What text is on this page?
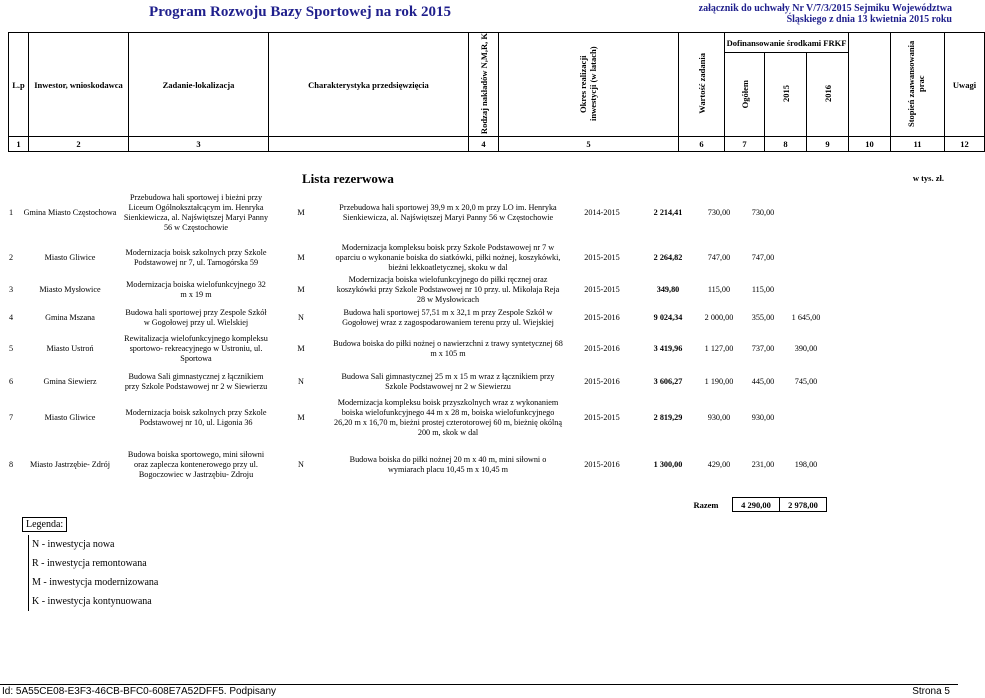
Program Rozwoju Bazy Sportowej na rok 2015	załącznik do uchwały Nr V/7/3/2015 Sejmiku Województwa
Śląskiego z dnia 13 kwietnia 2015 roku
L.p	Inwestor, wnioskodawca	Zadanie-lokalizacja	Charakterystyka przedsięwzięcia	Rodzaj nakładów N,M,R, K	Okres realizacji inwestycji (w latach)	Wartość zadania	Dofinansowanie środkami FRKF				Stopień zaawansowania prac	Uwagi
							Ogółem	2015	2016			
1	2	3		4	5	6	7	8	9	10	11	12
Lista rezerwowa	w tys. zł.
1	Gmina Miasto Częstochowa	Przebudowa hali sportowej i bieżni przy Liceum Ogólnokształcącym im. Henryka Sienkiewicza, al. Najświętszej Maryi Panny 56 w Częstochowie	M	Przebudowa hali sportowej 39,9 m x 20,0 m przy LO im. Henryka Sienkiewicza, al. Najświętszej Maryi Panny 56 w Częstochowie	2014-2015	2 214,41	730,00	730,00		
2	Miasto Gliwice	Modernizacja boisk szkolnych przy Szkole Podstawowej nr 7, ul. Tarnogórska 59	M	Modernizacja kompleksu boisk przy Szkole Podstawowej nr 7 w oparciu o wykonanie boiska do siatkówki, piłki nożnej, koszykówki, bieżni lekkoatletycznej, skoku w dal	2015-2015	2 264,82	747,00	747,00		
3	Miasto Mysłowice	Modernizacja boiska wielofunkcyjnego 32 m x 19 m	M	Modernizacja boiska wielofunkcyjnego do piłki ręcznej oraz koszykówki przy Szkole Podstawowej nr 10 przy. ul. Mikołaja Reja 28 w Mysłowicach	2015-2015	349,80	115,00	115,00		
4	Gmina Mszana	Budowa hali sportowej przy Zespole Szkół w Gogołowej przy ul. Wielskiej	N	Budowa hali sportowej 57,51 m x 32,1 m przy Zespole Szkół w Gogołowej wraz z zagospodarowaniem terenu przy ul. Wiejskiej	2015-2016	9 024,34	2 000,00	355,00	1 645,00	
5	Miasto Ustroń	Rewitalizacja wielofunkcyjnego kompleksu sportowo- rekreacyjnego w Ustroniu, ul. Sportowa	M	Budowa boiska do piłki nożnej o nawierzchni z trawy syntetycznej 68 m x 105 m	2015-2016	3 419,96	1 127,00	737,00	390,00	
6	Gmina Siewierz	Budowa Sali gimnastycznej z łącznikiem przy Szkole Podstawowej nr 2 w Siewierzu	N	Budowa Sali gimnastycznej 25 m x 15 m wraz z łącznikiem przy Szkole Podstawowej nr 2 w Siewierzu	2015-2016	3 606,27	1 190,00	445,00	745,00	
7	Miasto Gliwice	Modernizacja boisk szkolnych przy Szkole Podstawowej nr 10, ul. Ligonia 36	M	Modernizacja kompleksu boisk przyszkolnych wraz z wykonaniem boiska wielofunkcyjnego 44 m x 28 m, boiska wielofunkcyjnego 26,20 m x 16,70 m, bieżni prostej czterotorowej 60 m, bieżnię okólną 200 m, skok w dal	2015-2015	2 819,29	930,00	930,00		
8	Miasto Jastrzębie- Zdrój	Budowa boiska sportowego, mini siłowni oraz zaplecza kontenerowego przy ul. Bogoczowiec w Jastrzębiu- Zdroju	N	Budowa boiska do piłki nożnej 20 m x 40 m, mini siłowni o wymiarach placu 10,45 m x 10,45 m	2015-2016	1 300,00	429,00	231,00	198,00	
Razem	4 290,00	2 978,00
Legenda:
N - inwestycja nowa
R - inwestycja remontowana
M - inwestycja modernizowana
K - inwestycja kontynuowana
Id: 5A55CE08-E3F3-46CB-BFC0-608E7A52DFF5. Podpisany	Strona 5
